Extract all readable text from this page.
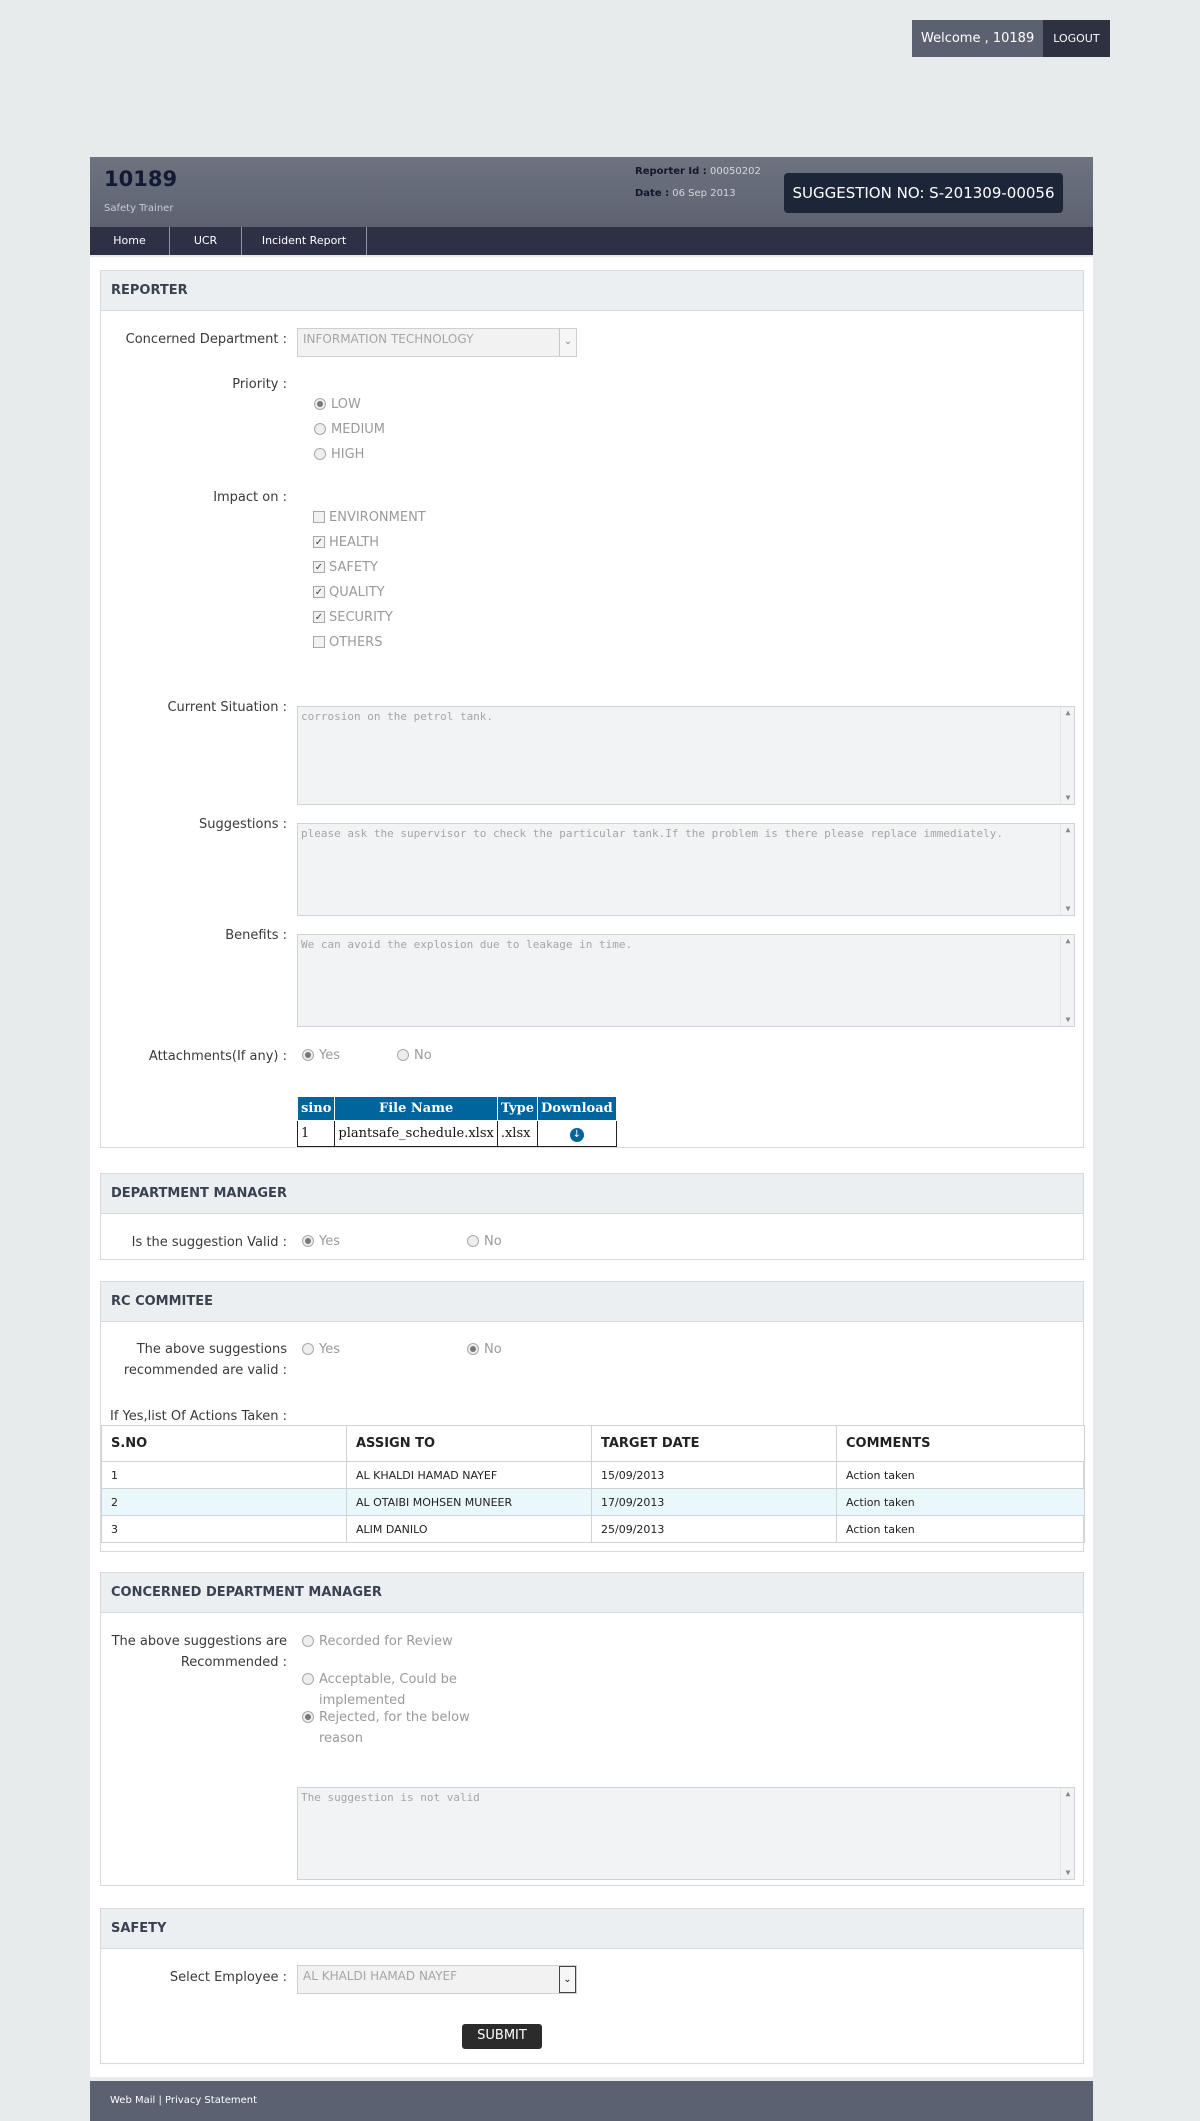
Welcome , 10189	LOGOUT
10189
Safety Trainer
Reporter Id : 00050202
Date : 06 Sep 2013	SUGGESTION NO: S-201309-00056
Home	UCR	Incident Report
REPORTER
Concerned Department :	INFORMATION TECHNOLOGY	⌄
Priority :
LOW
MEDIUM
HIGH
Impact on :
ENVIRONMENT
✓ HEALTH
✓ SAFETY
✓ QUALITY
✓ SECURITY
OTHERS
Current Situation :
corrosion on the petrol tank.	▲
▼
Suggestions :
please ask the supervisor to check the particular tank.If the problem is there please replace immediately.	▲
▼
Benefits :
We can avoid the explosion due to leakage in time.	▲
▼
Attachments(If any) : Yes	No
sino	File Name	Type	Download
1	plantsafe_schedule.xlsx	.xlsx	↓
DEPARTMENT MANAGER
Is the suggestion Valid : Yes	No
RC COMMITEE
The above suggestions
recommended are valid :
Yes	No
If Yes,list Of Actions Taken :
S.NO	ASSIGN TO	TARGET DATE	COMMENTS
1	AL KHALDI HAMAD NAYEF	15/09/2013	Action taken
2	AL OTAIBI MOHSEN MUNEER	17/09/2013	Action taken
3	ALIM DANILO	25/09/2013	Action taken
CONCERNED DEPARTMENT MANAGER
The above suggestions are
Recommended :
Recorded for Review
Acceptable, Could be
implemented
Rejected, for the below
reason
The suggestion is not valid	▲
▼
SAFETY
Select Employee :	AL KHALDI HAMAD NAYEF	⌄
SUBMIT
Web Mail | Privacy Statement
